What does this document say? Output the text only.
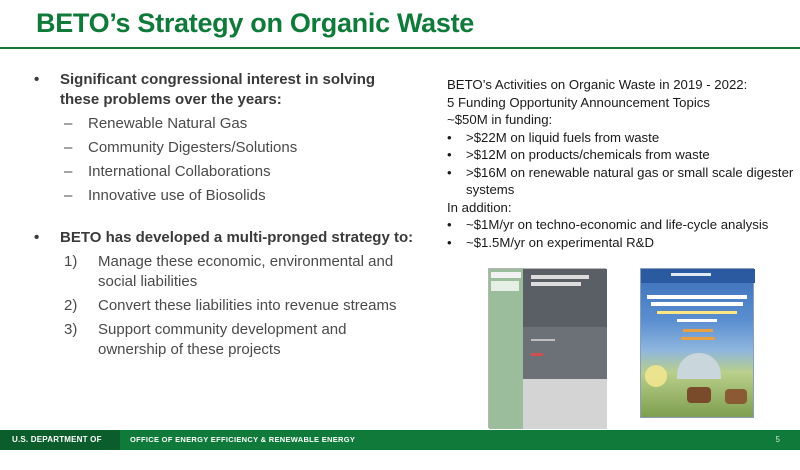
BETO’s Strategy on Organic Waste
•	Significant congressional interest in solving these problems over the years:
–	Renewable Natural Gas
–	Community Digesters/Solutions
–	International Collaborations
–	Innovative use of Biosolids
•	BETO has developed a multi-pronged strategy to:
1)	Manage these economic, environmental and social liabilities
2)	Convert these liabilities into revenue streams
3)	Support community development and ownership of these projects
BETO’s Activities on Organic Waste in 2019 - 2022:
5 Funding Opportunity Announcement Topics
~$50M in funding:
•	>$22M on liquid fuels from waste
•	>$12M on products/chemicals from waste
•	>$16M on renewable natural gas or small scale digester systems
In addition:
•	~$1M/yr on techno-economic and life-cycle analysis
•	~$1.5M/yr on experimental R&D
U.S. DEPARTMENT OF ENERGY
OFFICE OF ENERGY EFFICIENCY & RENEWABLE ENERGY	5
